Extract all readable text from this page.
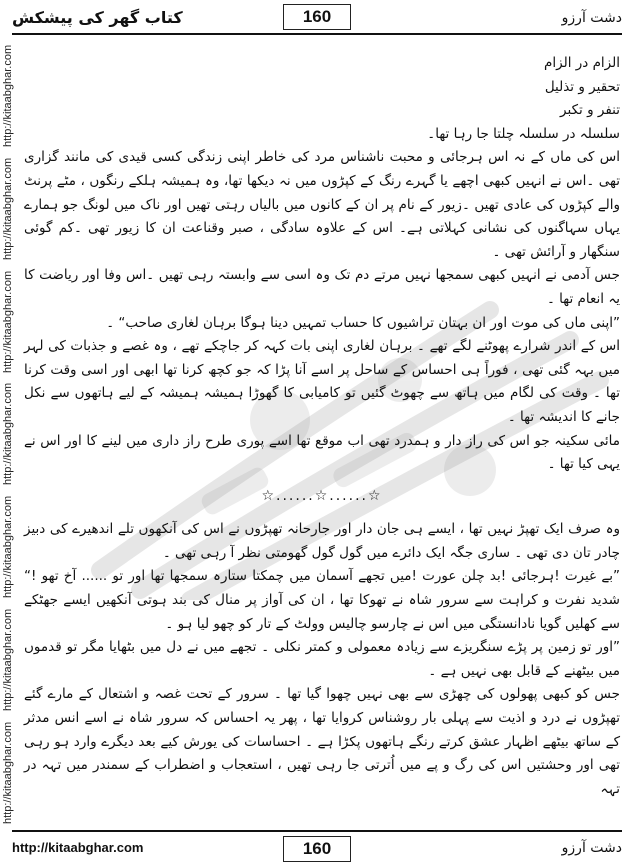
کتاب گھر کی پیشکش	160	دشت آرزو
http://kitaabghar.com
http://kitaabghar.com
http://kitaabghar.com
http://kitaabghar.com
http://kitaabghar.com
http://kitaabghar.com
http://kitaabghar.com

الزام در الزام

تحقیر و تذلیل

تنفر و تکبر

سلسلہ در سلسلہ چلتا جا رہا تھا۔

اس کی ماں کے نہ اس ہرجائی و محبت ناشناس مرد کی خاطر اپنی زندگی کسی قیدی کی مانند گزاری تھی ۔اس نے انہیں کبھی اچھے یا گہرے رنگ کے کپڑوں میں نہ دیکھا تھا، وہ ہمیشہ ہلکے رنگوں ، مٹے پرنٹ والے کپڑوں کی عادی تھیں ۔زیور کے نام پر ان کے کانوں میں بالیاں رہتی تھیں اور ناک میں لونگ جو ہمارے یہاں سہاگنوں کی نشانی کہلاتی ہے۔ اس کے علاوہ سادگی ، صبر وقناعت ان کا زیور تھی ۔کم گوئی سنگھار و آرائش تھی ۔

جس آدمی نے انہیں کبھی سمجھا نہیں مرتے دم تک وہ اسی سے وابستہ رہی تھیں ۔اس وفا اور ریاضت کا یہ انعام تھا ۔

”اپنی ماں کی موت اور ان بہتان تراشیوں کا حساب تمہیں دینا ہوگا برہان لغاری صاحب“ ۔

اس کے اندر شرارے پھوٹنے لگے تھے ۔ برہان لغاری اپنی بات کہہ کر جاچکے تھے ، وہ غصے و جذبات کی لہر میں بہہ گئی تھی ، فوراً ہی احساس کے ساحل پر اسے آنا پڑا کہ جو کچھ کرنا تھا ابھی اور اسی وقت کرنا تھا ۔ وقت کی لگام میں ہاتھ سے چھوٹ گئیں تو کامیابی کا گھوڑا ہمیشہ ہمیشہ کے لیے ہاتھوں سے نکل جانے کا اندیشہ تھا ۔

مائی سکینہ جو اس کی راز دار و ہمدرد تھی اب موقع تھا اسے پوری طرح راز داری میں لینے کا اور اس نے یہی کیا تھا ۔

☆......☆......☆

وہ صرف ایک تھپڑ نہیں تھا ، ایسے ہی جان دار اور جارحانہ تھپڑوں نے اس کی آنکھوں تلے اندھیرے کی دبیز چادر تان دی تھی ۔ ساری جگہ ایک دائرے میں گول گول گھومتی نظر آ رہی تھی ۔

”بے غیرت !ہرجائی !بد چلن عورت !میں تجھے آسمان میں چمکتا ستارہ سمجھا تھا اور تو ...... آخ تھو !“ شدید نفرت و کراہت سے سرور شاہ نے تھوکا تھا ، ان کی آواز پر منال کی بند ہوتی آنکھیں ایسے جھٹکے سے کھلیں گویا نادانستگی میں اس نے چارسو چالیس وولٹ کے تار کو چھو لیا ہو ۔

”اور تو زمین پر پڑے سنگریزے سے زیادہ معمولی و کمتر نکلی ۔ تجھے میں نے دل میں بٹھایا مگر تو قدموں میں بیٹھنے کے قابل بھی نہیں ہے ۔

جس کو کبھی پھولوں کی چھڑی سے بھی نہیں چھوا گیا تھا ۔ سرور کے تحت غصہ و اشتعال کے مارے گئے تھپڑوں نے درد و اذیت سے پہلی بار روشناس کروایا تھا ، پھر یہ احساس کہ سرور شاہ نے اسے انس مدثر کے ساتھ بیٹھے اظہار عشق کرتے رنگے ہاتھوں پکڑا ہے ۔ احساسات کی یورش کیے بعد دیگرے وارد ہو رہی تھی اور وحشتیں اس کی رگ و پے میں اُترتی جا رہی تھیں ، استعجاب و اضطراب کے سمندر میں تہہ در تہہ

http://kitaabghar.com	160	دشت آرزو
